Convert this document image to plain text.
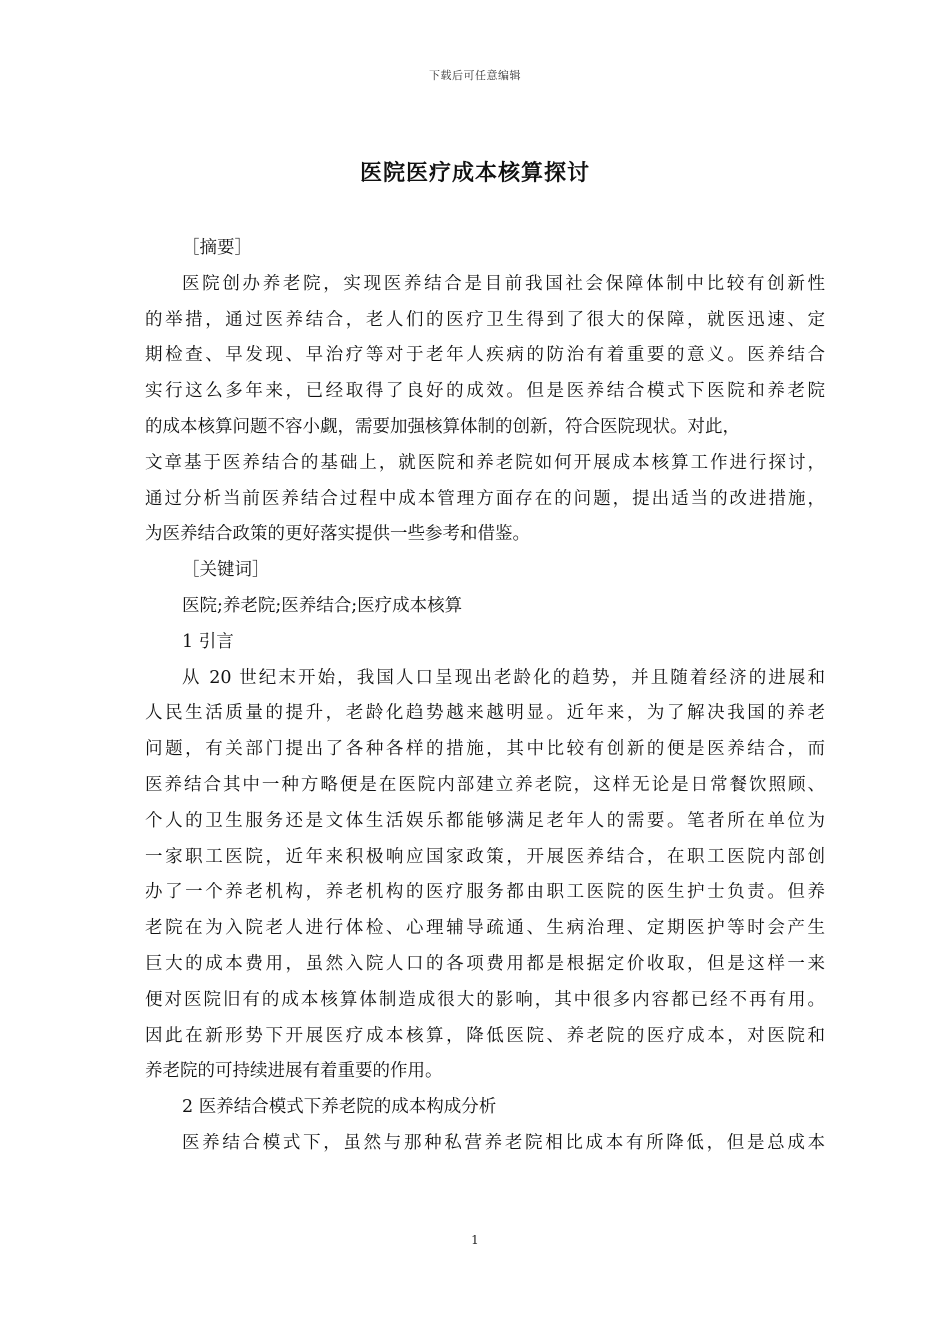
下载后可任意编辑
医院医疗成本核算探讨
［摘要］
医院创办养老院，实现医养结合是目前我国社会保障体制中比较有创新性
的举措，通过医养结合，老人们的医疗卫生得到了很大的保障，就医迅速、定
期检查、早发现、早治疗等对于老年人疾病的防治有着重要的意义。医养结合
实行这么多年来，已经取得了良好的成效。但是医养结合模式下医院和养老院
的成本核算问题不容小觑，需要加强核算体制的创新，符合医院现状。对此，
文章基于医养结合的基础上，就医院和养老院如何开展成本核算工作进行探讨，
通过分析当前医养结合过程中成本管理方面存在的问题，提出适当的改进措施，
为医养结合政策的更好落实提供一些参考和借鉴。
［关键词］
医院;养老院;医养结合;医疗成本核算
1 引言
从 20 世纪末开始，我国人口呈现出老龄化的趋势，并且随着经济的进展和
人民生活质量的提升，老龄化趋势越来越明显。近年来，为了解决我国的养老
问题，有关部门提出了各种各样的措施，其中比较有创新的便是医养结合，而
医养结合其中一种方略便是在医院内部建立养老院，这样无论是日常餐饮照顾、
个人的卫生服务还是文体生活娱乐都能够满足老年人的需要。笔者所在单位为
一家职工医院，近年来积极响应国家政策，开展医养结合，在职工医院内部创
办了一个养老机构，养老机构的医疗服务都由职工医院的医生护士负责。但养
老院在为入院老人进行体检、心理辅导疏通、生病治理、定期医护等时会产生
巨大的成本费用，虽然入院人口的各项费用都是根据定价收取，但是这样一来
便对医院旧有的成本核算体制造成很大的影响，其中很多内容都已经不再有用。
因此在新形势下开展医疗成本核算，降低医院、养老院的医疗成本，对医院和
养老院的可持续进展有着重要的作用。
2 医养结合模式下养老院的成本构成分析
医养结合模式下，虽然与那种私营养老院相比成本有所降低，但是总成本
1
